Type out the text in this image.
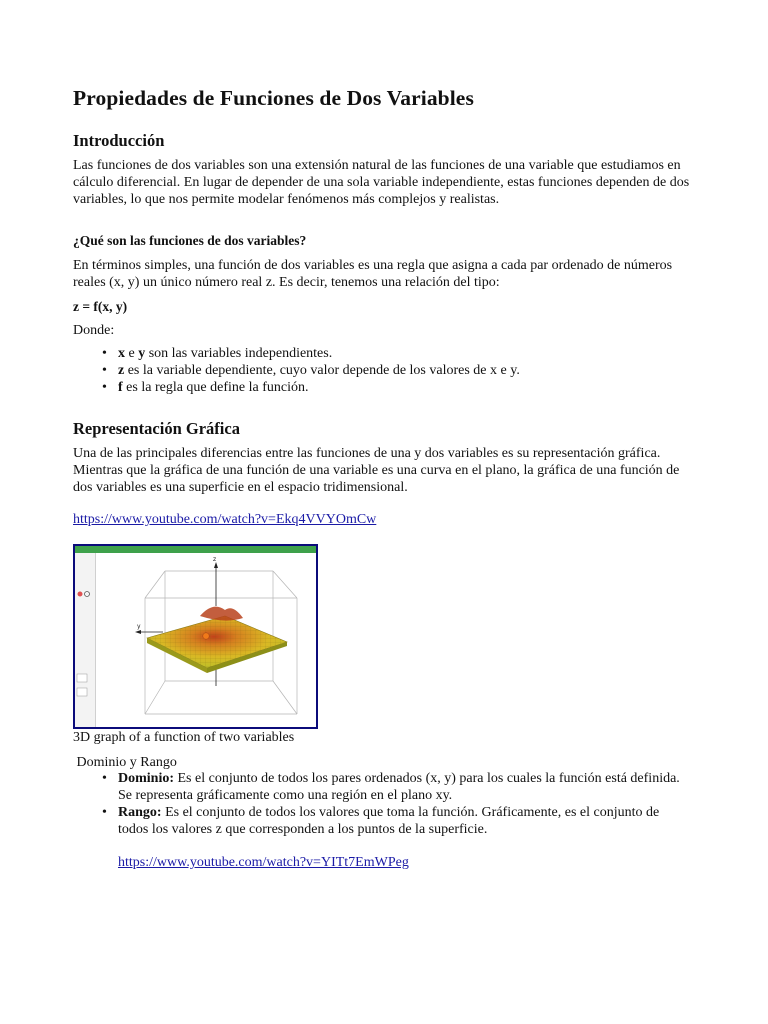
Propiedades de Funciones de Dos Variables
Introducción

Las funciones de dos variables son una extensión natural de las funciones de una variable que estudiamos en cálculo diferencial. En lugar de depender de una sola variable independiente, estas funciones dependen de dos variables, lo que nos permite modelar fenómenos más complejos y realistas.

¿Qué son las funciones de dos variables?

En términos simples, una función de dos variables es una regla que asigna a cada par ordenado de números reales (x, y) un único número real z. Es decir, tenemos una relación del tipo:

z = f(x, y)

Donde:

• x e y son las variables independientes.
• z es la variable dependiente, cuyo valor depende de los valores de x e y.
• f es la regla que define la función.
Representación Gráfica

Una de las principales diferencias entre las funciones de una y dos variables es su representación gráfica. Mientras que la gráfica de una función de una variable es una curva en el plano, la gráfica de una función de dos variables es una superficie en el espacio tridimensional.

https://www.youtube.com/watch?v=Ekq4VVYOmCw
z
y
3D graph of a function of two variables

Dominio y Rango

• Dominio: Es el conjunto de todos los pares ordenados (x, y) para los cuales la función está definida. Se representa gráficamente como una región en el plano xy.
• Rango: Es el conjunto de todos los valores que toma la función. Gráficamente, es el conjunto de todos los valores z que corresponden a los puntos de la superficie.
https://www.youtube.com/watch?v=YITt7EmWPeg
